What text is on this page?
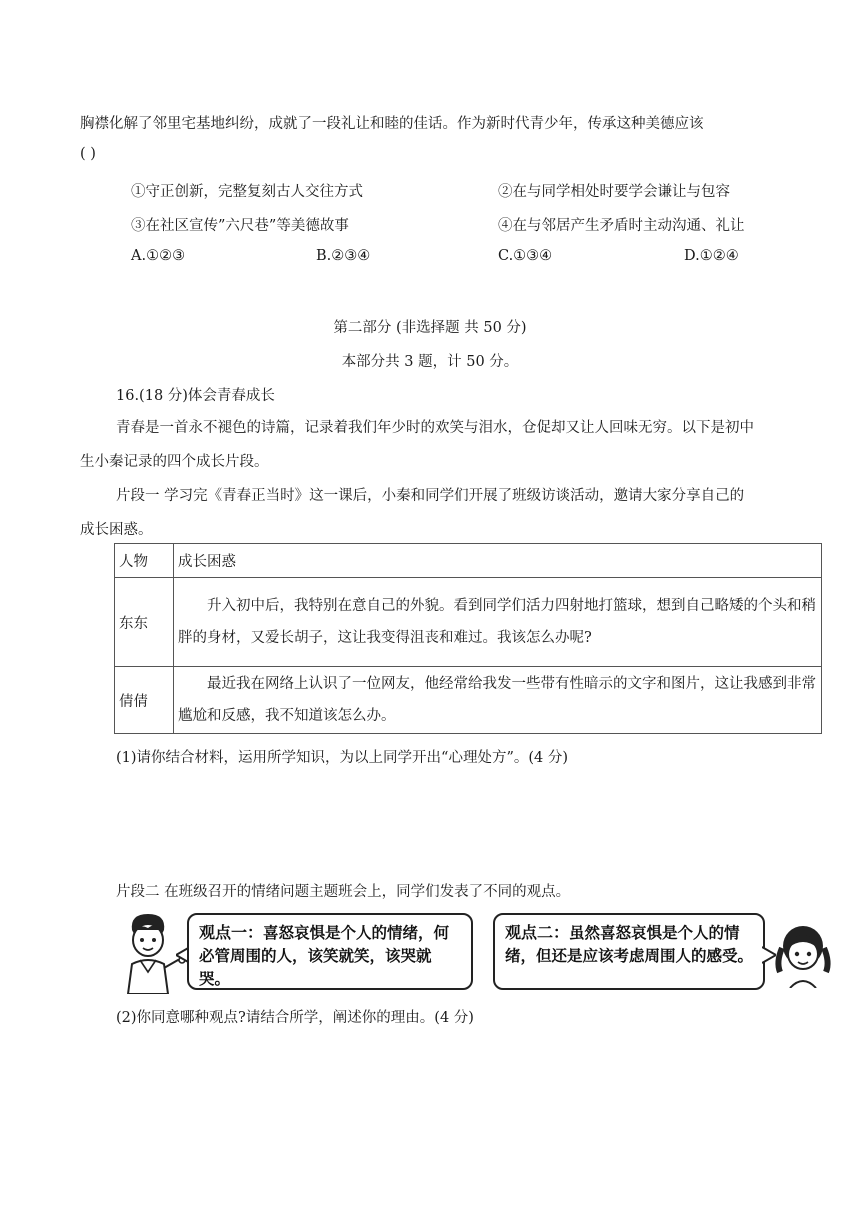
胸襟化解了邻里宅基地纠纷，成就了一段礼让和睦的佳话。作为新时代青少年，传承这种美德应该
( )
①守正创新，完整复刻古人交往方式	②在与同学相处时要学会谦让与包容
③在社区宣传”六尺巷”等美德故事	④在与邻居产生矛盾时主动沟通、礼让
A.①②③	B.②③④	C.①③④	D.①②④
第二部分 (非选择题 共 50 分)
本部分共 3 题，计 50 分。
16.(18 分)体会青春成长
青春是一首永不褪色的诗篇，记录着我们年少时的欢笑与泪水，仓促却又让人回味无穷。以下是初中
生小秦记录的四个成长片段。
片段一 学习完《青春正当时》这一课后，小秦和同学们开展了班级访谈活动，邀请大家分享自己的
成长困惑。
人物	成长困惑
东东	升入初中后，我特别在意自己的外貌。看到同学们活力四射地打篮球，想到自己略矮的个头和稍胖的身材，又爱长胡子，这让我变得沮丧和难过。我该怎么办呢?

倩倩	最近我在网络上认识了一位网友，他经常给我发一些带有性暗示的文字和图片，这让我感到非常尴尬和反感，我不知道该怎么办。
(1)请你结合材料，运用所学知识，为以上同学开出“心理处方”。(4 分)
片段二 在班级召开的情绪问题主题班会上，同学们发表了不同的观点。
观点一：喜怒哀惧是个人的情绪，何必管周围的人，该笑就笑，该哭就哭。
观点二：虽然喜怒哀惧是个人的情绪，但还是应该考虑周围人的感受。
(2)你同意哪种观点?请结合所学，阐述你的理由。(4 分)
